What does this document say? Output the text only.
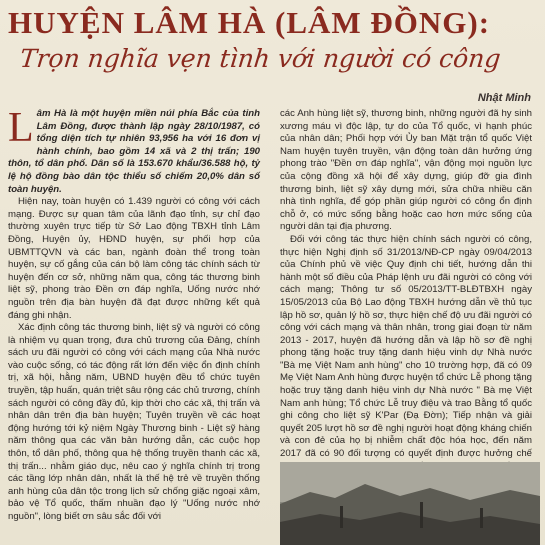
HUYỆN LÂM HÀ (LÂM ĐỒNG):
Trọn nghĩa vẹn tình với người có công
Nhật Minh

Lâm Hà là một huyện miền núi phía Bắc của tỉnh Lâm Đồng, được thành lập ngày 28/10/1987, có tổng diện tích tự nhiên 93,956 ha với 16 đơn vị hành chính, bao gồm 14 xã và 2 thị trấn; 190 thôn, tổ dân phố. Dân số là 153.670 khẩu/36.588 hộ, tỷ lệ hộ đồng bào dân tộc thiểu số chiếm 20,0% dân số toàn huyện.

Hiện nay, toàn huyện có 1.439 người có công với cách mạng. Được sự quan tâm của lãnh đạo tỉnh, sự chỉ đạo thường xuyên trực tiếp từ Sở Lao động TBXH tỉnh Lâm Đồng, Huyện ủy, HĐND huyện, sự phối hợp của UBMTTQVN và các ban, ngành đoàn thể trong toàn huyện, sự cố gắng của cán bộ làm công tác chính sách từ huyện đến cơ sở, những năm qua, công tác thương binh liệt sỹ, phong trào Đền ơn đáp nghĩa, Uống nước nhớ nguồn trên địa bàn huyện đã đạt được những kết quả đáng ghi nhận.

Xác định công tác thương binh, liệt sỹ và người có công là nhiệm vụ quan trọng, đưa chủ trương của Đảng, chính sách ưu đãi người có công với cách mạng của Nhà nước vào cuộc sống, có tác động rất lớn đến việc ổn định chính trị, xã hội, hằng năm, UBND huyện đều tổ chức tuyên truyền, tập huấn, quán triệt sâu rộng các chủ trương, chính sách người có công đầy đủ, kịp thời cho các xã, thị trấn và nhân dân trên địa bàn huyện; Tuyên truyền về các hoạt động hướng tới kỷ niệm Ngày Thương binh - Liệt sỹ hàng năm thông qua các văn bản hướng dẫn, các cuộc họp thôn, tổ dân phố, thông qua hệ thống truyền thanh các xã, thị trấn... nhằm giáo dục, nêu cao ý nghĩa chính trị trong các tầng lớp nhân dân, nhất là thế hệ trẻ về truyền thống anh hùng của dân tộc trong lịch sử chống giặc ngoại xâm, bảo vệ Tổ quốc, thấm nhuần đạo lý "Uống nước nhớ nguồn", lòng biết ơn sâu sắc đối với

các Anh hùng liệt sỹ, thương binh, những người đã hy sinh xương máu vì độc lập, tự do của Tổ quốc, vì hạnh phúc của nhân dân; Phối hợp với Ủy ban Mặt trận tổ quốc Việt Nam huyện tuyên truyền, vận động toàn dân hưởng ứng phong trào "Đền ơn đáp nghĩa", vận động mọi nguồn lực của cộng đồng xã hội để xây dựng, giúp đỡ gia đình thương binh, liệt sỹ xây dựng mới, sửa chữa nhiều căn nhà tình nghĩa, để góp phần giúp người có công ổn định chỗ ở, có mức sống bằng hoặc cao hơn mức sống của người dân tại địa phương.

Đối với công tác thực hiện chính sách người có công, thực hiện Nghị định số 31/2013/NĐ-CP ngày 09/04/2013 của Chính phủ về việc Quy định chi tiết, hướng dẫn thi hành một số điều của Pháp lệnh ưu đãi người có công với cách mạng; Thông tư số 05/2013/TT-BLĐTBXH ngày 15/05/2013 của Bộ Lao động TBXH hướng dẫn về thủ tục lập hồ sơ, quản lý hồ sơ, thực hiện chế độ ưu đãi người có công với cách mạng và thân nhân, trong giai đoạn từ năm 2013 - 2017, huyện đã hướng dẫn và lập hồ sơ đề nghị phong tặng hoặc truy tặng danh hiệu vinh dự Nhà nước "Bà mẹ Việt Nam anh hùng" cho 10 trường hợp, đã có 09 Mẹ Việt Nam Anh hùng được huyện tổ chức Lễ phong tặng hoặc truy tặng danh hiệu vinh dự Nhà nước " Bà mẹ Việt Nam anh hùng; Tổ chức Lễ truy điệu và trao Bằng tổ quốc ghi công cho liệt sỹ K'Par (Đạ Đờn); Tiếp nhận và giải quyết 205 lượt hồ sơ đề nghị người hoạt động kháng chiến và con đẻ của họ bị nhiễm chất độc hóa học, đến năm 2017 đã có 90 đối tượng có quyết định được hưởng chế
